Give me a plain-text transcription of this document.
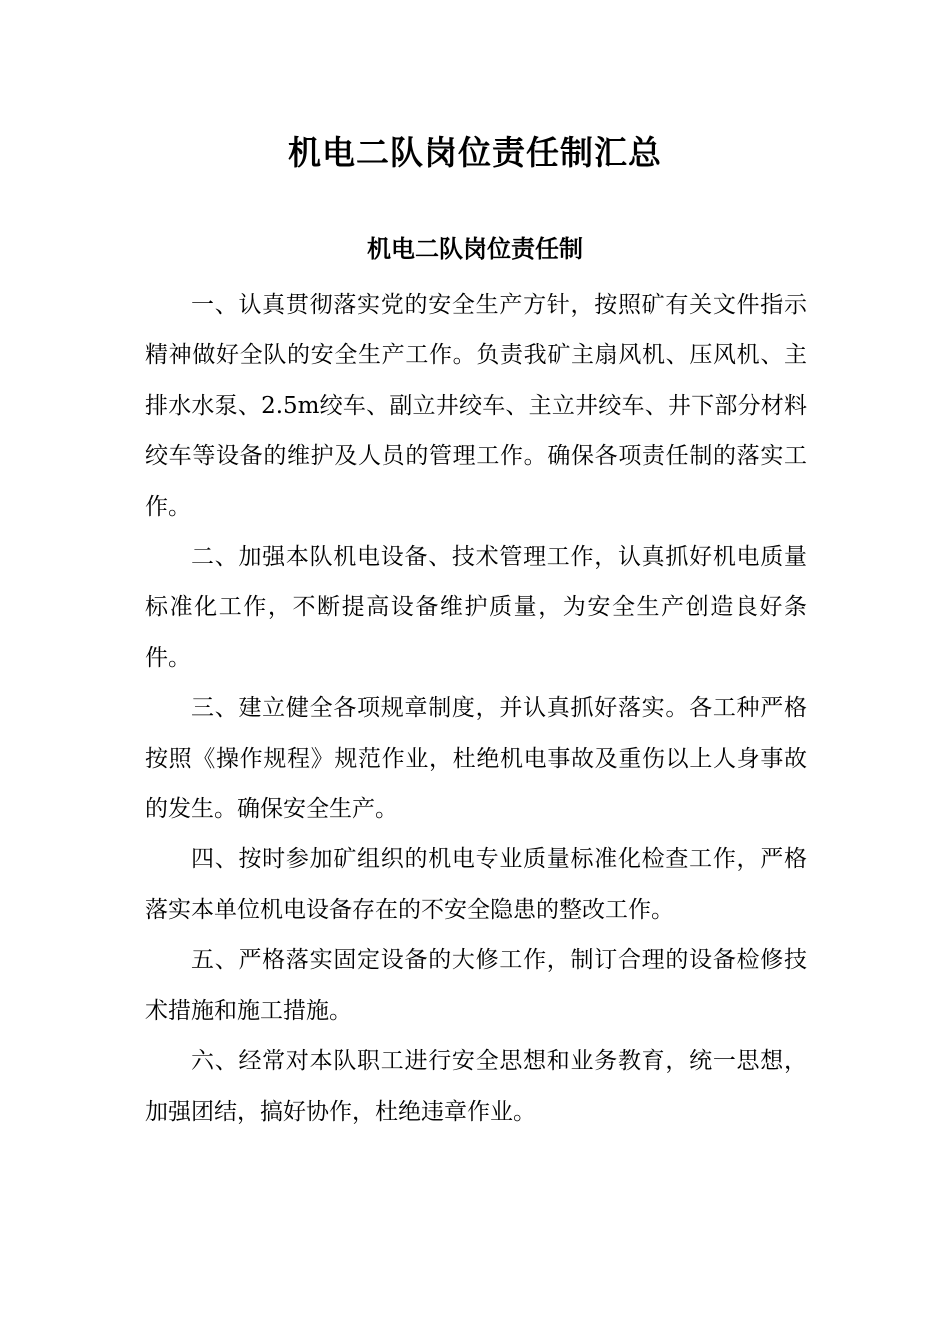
机电二队岗位责任制汇总
机电二队岗位责任制

一、认真贯彻落实党的安全生产方针，按照矿有关文件指示精神做好全队的安全生产工作。负责我矿主扇风机、压风机、主排水水泵、2.5m绞车、副立井绞车、主立井绞车、井下部分材料绞车等设备的维护及人员的管理工作。确保各项责任制的落实工作。

二、加强本队机电设备、技术管理工作，认真抓好机电质量标准化工作，不断提高设备维护质量，为安全生产创造良好条件。

三、建立健全各项规章制度，并认真抓好落实。各工种严格按照《操作规程》规范作业，杜绝机电事故及重伤以上人身事故的发生。确保安全生产。

四、按时参加矿组织的机电专业质量标准化检查工作，严格落实本单位机电设备存在的不安全隐患的整改工作。

五、严格落实固定设备的大修工作，制订合理的设备检修技术措施和施工措施。

六、经常对本队职工进行安全思想和业务教育，统一思想，加强团结，搞好协作，杜绝违章作业。
